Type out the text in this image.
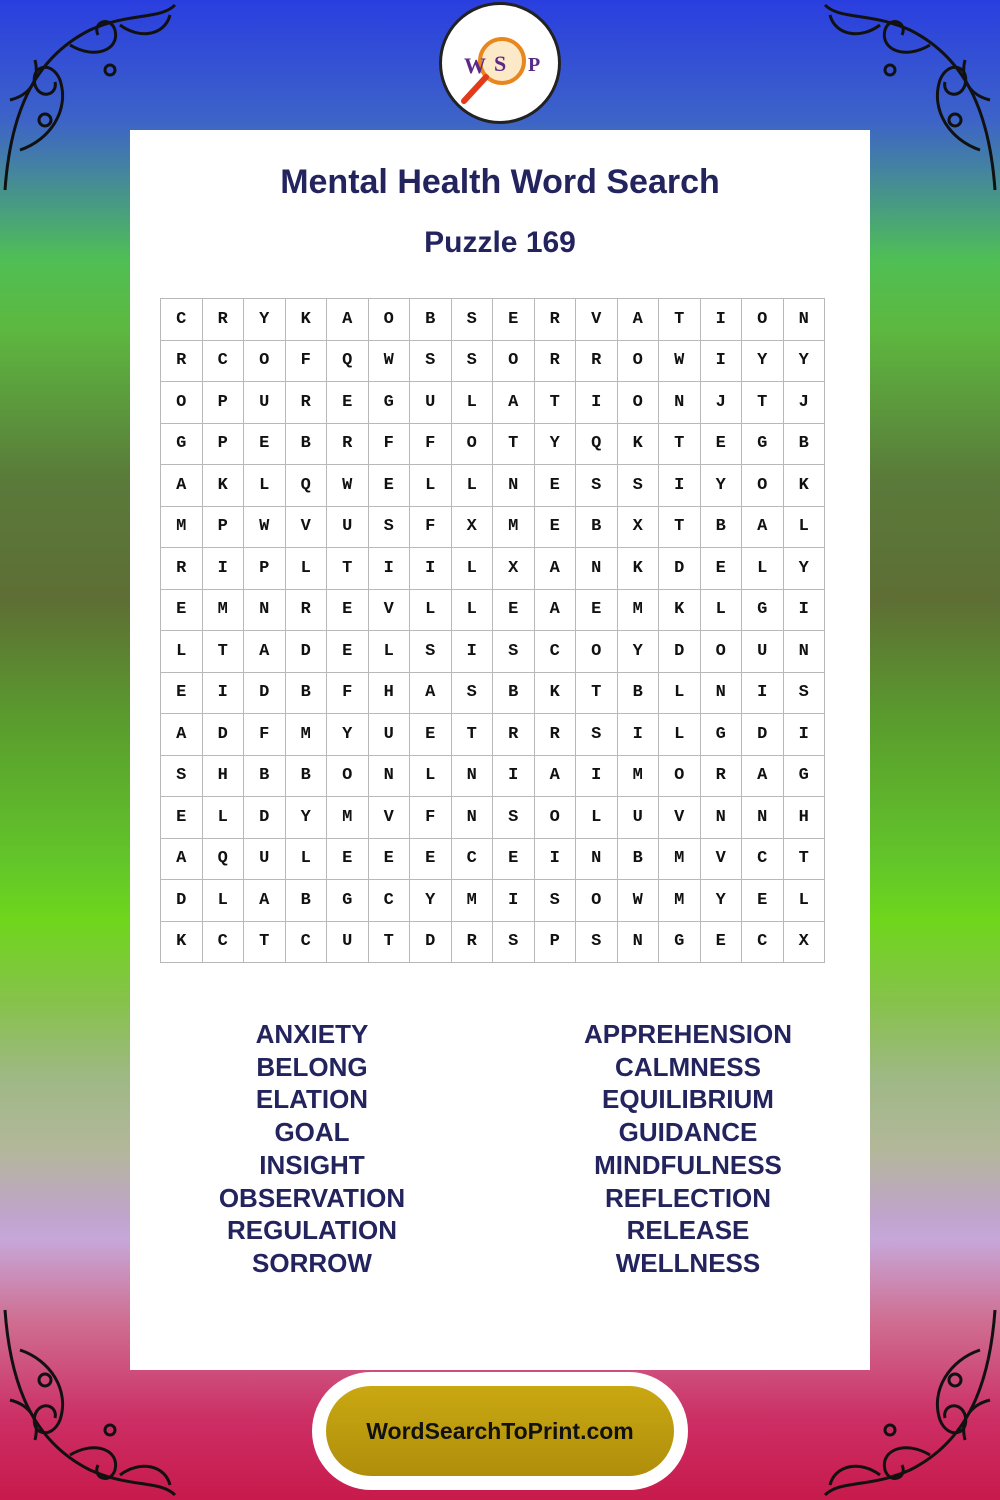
W S P
Mental Health Word Search
Puzzle 169
C	R	Y	K	A	O	B	S	E	R	V	A	T	I	O	N
R	C	O	F	Q	W	S	S	O	R	R	O	W	I	Y	Y
O	P	U	R	E	G	U	L	A	T	I	O	N	J	T	J
G	P	E	B	R	F	F	O	T	Y	Q	K	T	E	G	B
A	K	L	Q	W	E	L	L	N	E	S	S	I	Y	O	K
M	P	W	V	U	S	F	X	M	E	B	X	T	B	A	L
R	I	P	L	T	I	I	L	X	A	N	K	D	E	L	Y
E	M	N	R	E	V	L	L	E	A	E	M	K	L	G	I
L	T	A	D	E	L	S	I	S	C	O	Y	D	O	U	N
E	I	D	B	F	H	A	S	B	K	T	B	L	N	I	S
A	D	F	M	Y	U	E	T	R	R	S	I	L	G	D	I
S	H	B	B	O	N	L	N	I	A	I	M	O	R	A	G
E	L	D	Y	M	V	F	N	S	O	L	U	V	N	N	H
A	Q	U	L	E	E	E	C	E	I	N	B	M	V	C	T
D	L	A	B	G	C	Y	M	I	S	O	W	M	Y	E	L
K	C	T	C	U	T	D	R	S	P	S	N	G	E	C	X
ANXIETY
BELONG
ELATION
GOAL
INSIGHT
OBSERVATION
REGULATION
SORROW
APPREHENSION
CALMNESS
EQUILIBRIUM
GUIDANCE
MINDFULNESS
REFLECTION
RELEASE
WELLNESS
WordSearchToPrint.com
